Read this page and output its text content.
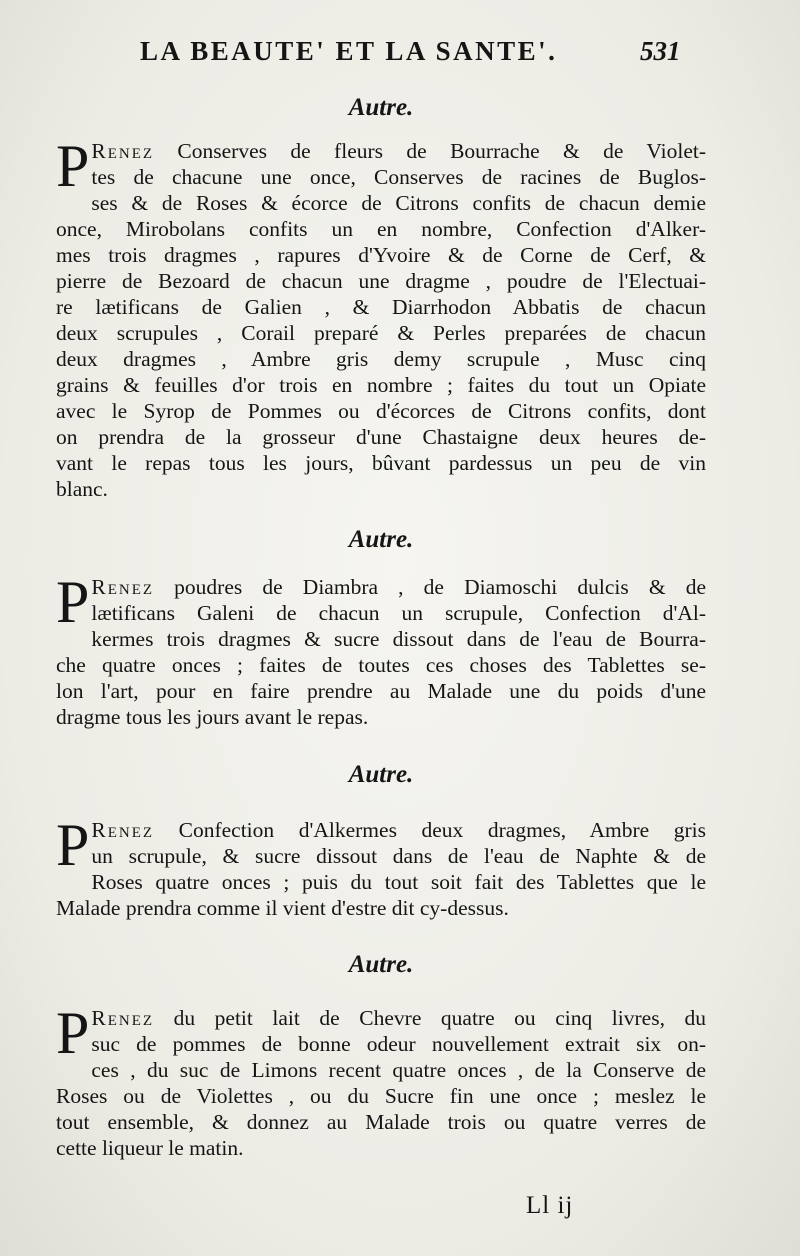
LA BEAUTE' ET LA SANTE'.	531
Autre.
P Renez Conserves de fleurs de Bourrache & de Violet-
tes de chacune une once, Conserves de racines de Buglos-
ses & de Roses & écorce de Citrons confits de chacun demie
once, Mirobolans confits un en nombre, Confection d'Alker-
mes trois dragmes , rapures d'Yvoire & de Corne de Cerf, &
pierre de Bezoard de chacun une dragme , poudre de l'Electuai-
re lætificans de Galien , & Diarrhodon Abbatis de chacun
deux scrupules , Corail preparé & Perles preparées de chacun
deux dragmes , Ambre gris demy scrupule , Musc cinq
grains & feuilles d'or trois en nombre ; faites du tout un Opiate
avec le Syrop de Pommes ou d'écorces de Citrons confits, dont
on prendra de la grosseur d'une Chastaigne deux heures de-
vant le repas tous les jours, bûvant pardessus un peu de vin
blanc.
Autre.
P Renez poudres de Diambra , de Diamoschi dulcis & de
lætificans Galeni de chacun un scrupule, Confection d'Al-
kermes trois dragmes & sucre dissout dans de l'eau de Bourra-
che quatre onces ; faites de toutes ces choses des Tablettes se-
lon l'art, pour en faire prendre au Malade une du poids d'une
dragme tous les jours avant le repas.
Autre.
P Renez Confection d'Alkermes deux dragmes, Ambre gris
un scrupule, & sucre dissout dans de l'eau de Naphte & de
Roses quatre onces ; puis du tout soit fait des Tablettes que le
Malade prendra comme il vient d'estre dit cy-dessus.
Autre.
P Renez du petit lait de Chevre quatre ou cinq livres, du
suc de pommes de bonne odeur nouvellement extrait six on-
ces , du suc de Limons recent quatre onces , de la Conserve de
Roses ou de Violettes , ou du Sucre fin une once ; meslez le
tout ensemble, & donnez au Malade trois ou quatre verres de
cette liqueur le matin.
Ll ij
